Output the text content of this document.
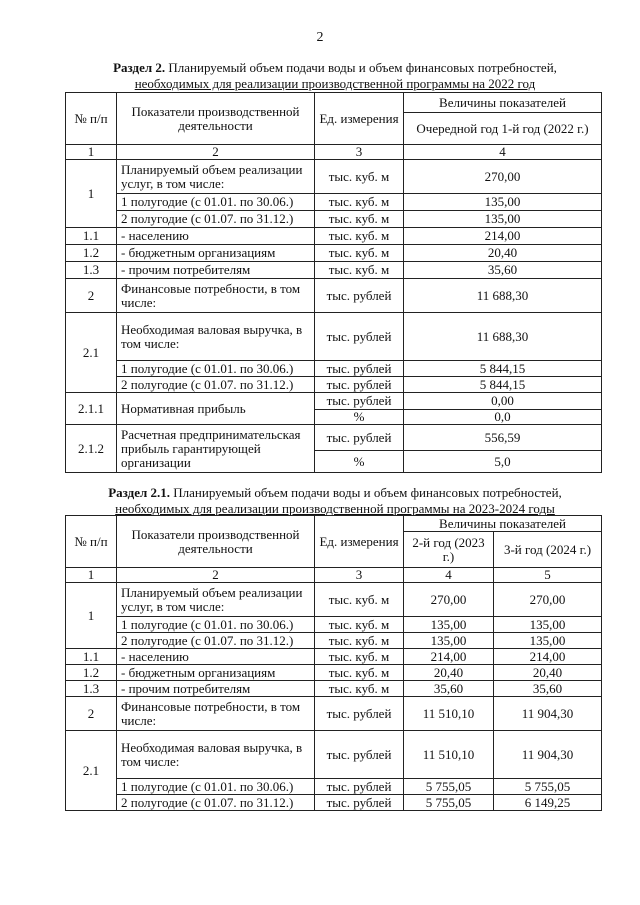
2
Раздел 2. Планируемый объем подачи воды и объем финансовых потребностей,
необходимых для реализации производственной программы на 2022 год
№ п/п	Показатели производственной деятельности	Ед. измерения	Величины показателей
			Очередной год 1-й год (2022 г.)
1	2	3	4
1	Планируемый объем реализации услуг, в том числе:	тыс. куб. м	270,00
	1 полугодие (с 01.01. по 30.06.)	тыс. куб. м	135,00
	2 полугодие (с 01.07. по 31.12.)	тыс. куб. м	135,00
1.1	- населению	тыс. куб. м	214,00
1.2	- бюджетным организациям	тыс. куб. м	20,40
1.3	- прочим потребителям	тыс. куб. м	35,60
2	Финансовые потребности, в том числе:	тыс. рублей	11 688,30
2.1	Необходимая валовая выручка, в том числе:	тыс. рублей	11 688,30
	1 полугодие (с 01.01. по 30.06.)	тыс. рублей	5 844,15
	2 полугодие (с 01.07. по 31.12.)	тыс. рублей	5 844,15
2.1.1	Нормативная прибыль	тыс. рублей	0,00
		%	0,0
2.1.2	Расчетная предпринимательская прибыль гарантирующей организации	тыс. рублей	556,59
		%	5,0
Раздел 2.1. Планируемый объем подачи воды и объем финансовых потребностей,
необходимых для реализации производственной программы на 2023-2024 годы
№ п/п	Показатели производственной деятельности	Ед. измерения	Величины показателей	
			2-й год (2023 г.)	3-й год (2024 г.)
1	2	3	4	5
1	Планируемый объем реализации услуг, в том числе:	тыс. куб. м	270,00	270,00
	1 полугодие (с 01.01. по 30.06.)	тыс. куб. м	135,00	135,00
	2 полугодие (с 01.07. по 31.12.)	тыс. куб. м	135,00	135,00
1.1	- населению	тыс. куб. м	214,00	214,00
1.2	- бюджетным организациям	тыс. куб. м	20,40	20,40
1.3	- прочим потребителям	тыс. куб. м	35,60	35,60
2	Финансовые потребности, в том числе:	тыс. рублей	11 510,10	11 904,30
2.1	Необходимая валовая выручка, в том числе:	тыс. рублей	11 510,10	11 904,30
	1 полугодие (с 01.01. по 30.06.)	тыс. рублей	5 755,05	5 755,05
	2 полугодие (с 01.07. по 31.12.)	тыс. рублей	5 755,05	6 149,25
